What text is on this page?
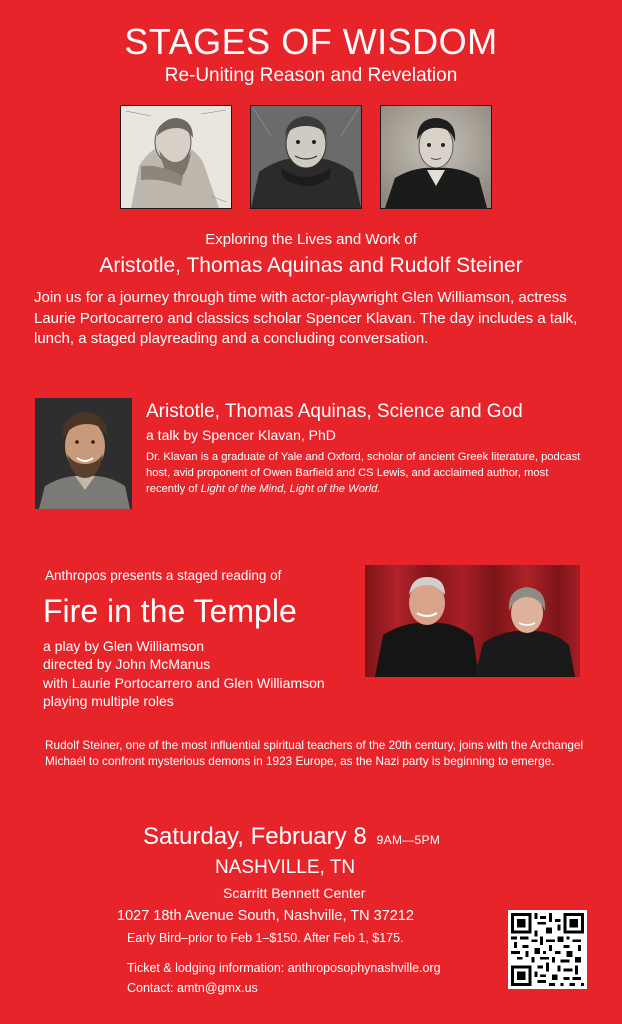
STAGES OF WISDOM
Re-Uniting Reason and Revelation
Exploring the Lives and Work of
Aristotle, Thomas Aquinas and Rudolf Steiner
Join us for a journey through time with actor-playwright Glen Williamson, actress Laurie Portocarrero and classics scholar Spencer Klavan. The day includes a talk, lunch, a staged playreading and a concluding conversation.
Aristotle, Thomas Aquinas, Science and God
a talk by Spencer Klavan, PhD
Dr. Klavan is a graduate of Yale and Oxford, scholar of ancient Greek literature, podcast host, avid proponent of Owen Barfield and CS Lewis, and acclaimed author, most recently of Light of the Mind, Light of the World.
Anthropos presents a staged reading of
Fire in the Temple
a play by Glen Williamson
directed by John McManus
with Laurie Portocarrero and Glen Williamson
playing multiple roles
Rudolf Steiner, one of the most influential spiritual teachers of the 20th century, joins with the Archangel Michaél to confront mysterious demons in 1923 Europe, as the Nazi party is beginning to emerge.
Saturday, February 8 9AM—5PM
NASHVILLE, TN
Scarritt Bennett Center
1027 18th Avenue South, Nashville, TN 37212
Early Bird–prior to Feb 1–$150. After Feb 1, $175.
Ticket & lodging information: anthroposophynashville.org
Contact: amtn@gmx.us
